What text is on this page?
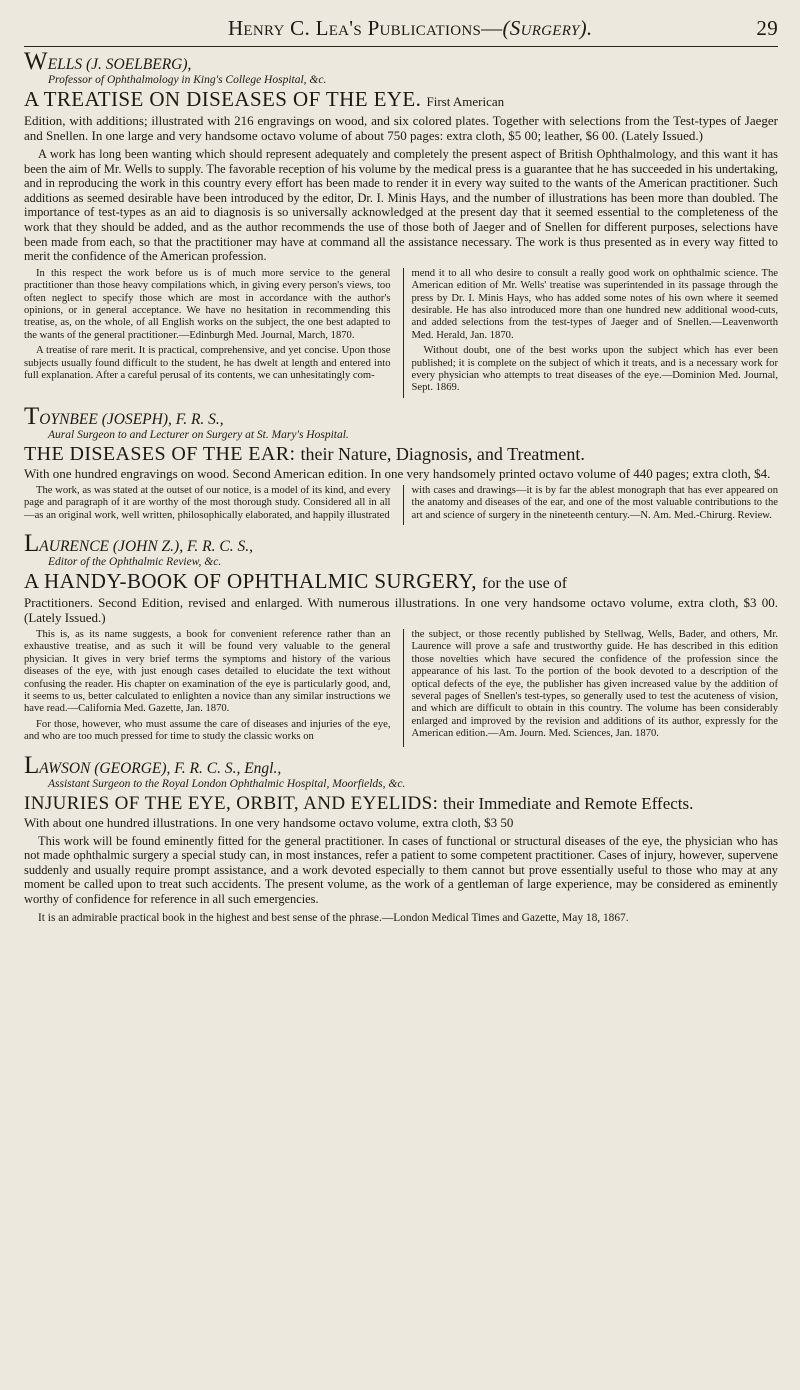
Henry C. Lea's Publications—(Surgery).	29
WELLS (J. SOELBERG),
Professor of Ophthalmology in King's College Hospital, &c.
A TREATISE ON DISEASES OF THE EYE. First American
Edition, with additions; illustrated with 216 engravings on wood, and six colored plates. Together with selections from the Test-types of Jaeger and Snellen. In one large and very handsome octavo volume of about 750 pages: extra cloth, $5 00; leather, $6 00. (Lately Issued.)
A work has long been wanting which should represent adequately and completely the present aspect of British Ophthalmology, and this want it has been the aim of Mr. Wells to supply. The favorable reception of his volume by the medical press is a guarantee that he has succeeded in his undertaking, and in reproducing the work in this country every effort has been made to render it in every way suited to the wants of the American practitioner. Such additions as seemed desirable have been introduced by the editor, Dr. I. Minis Hays, and the number of illustrations has been more than doubled. The importance of test-types as an aid to diagnosis is so universally acknowledged at the present day that it seemed essential to the completeness of the work that they should be added, and as the author recommends the use of those both of Jaeger and of Snellen for different purposes, selections have been made from each, so that the practitioner may have at command all the assistance necessary. The work is thus presented as in every way fitted to merit the confidence of the American profession.

In this respect the work before us is of much more service to the general practitioner than those heavy compilations which, in giving every person's views, too often neglect to specify those which are most in accordance with the author's opinions, or in general acceptance. We have no hesitation in recommending this treatise, as, on the whole, of all English works on the subject, the one best adapted to the wants of the general practitioner.—Edinburgh Med. Journal, March, 1870.

A treatise of rare merit. It is practical, comprehensive, and yet concise. Upon those subjects usually found difficult to the student, he has dwelt at length and entered into full explanation. After a careful perusal of its contents, we can unhesitatingly com-

mend it to all who desire to consult a really good work on ophthalmic science. The American edition of Mr. Wells' treatise was superintended in its passage through the press by Dr. I. Minis Hays, who has added some notes of his own where it seemed desirable. He has also introduced more than one hundred new additional wood-cuts, and added selections from the test-types of Jaeger and of Snellen.—Leavenworth Med. Herald, Jan. 1870.

Without doubt, one of the best works upon the subject which has ever been published; it is complete on the subject of which it treats, and is a necessary work for every physician who attempts to treat diseases of the eye.—Dominion Med. Journal, Sept. 1869.

TOYNBEE (JOSEPH), F. R. S.,
Aural Surgeon to and Lecturer on Surgery at St. Mary's Hospital.
THE DISEASES OF THE EAR: their Nature, Diagnosis, and Treatment.
With one hundred engravings on wood. Second American edition. In one very handsomely printed octavo volume of 440 pages; extra cloth, $4.

The work, as was stated at the outset of our notice, is a model of its kind, and every page and paragraph of it are worthy of the most thorough study. Considered all in all—as an original work, well written, philosophically elaborated, and happily illustrated

with cases and drawings—it is by far the ablest monograph that has ever appeared on the anatomy and diseases of the ear, and one of the most valuable contributions to the art and science of surgery in the nineteenth century.—N. Am. Med.-Chirurg. Review.

LAURENCE (JOHN Z.), F. R. C. S.,
Editor of the Ophthalmic Review, &c.
A HANDY-BOOK OF OPHTHALMIC SURGERY, for the use of
Practitioners. Second Edition, revised and enlarged. With numerous illustrations. In one very handsome octavo volume, extra cloth, $3 00. (Lately Issued.)

This is, as its name suggests, a book for convenient reference rather than an exhaustive treatise, and as such it will be found very valuable to the general physician. It gives in very brief terms the symptoms and history of the various diseases of the eye, with just enough cases detailed to elucidate the text without confusing the reader. His chapter on examination of the eye is particularly good, and, it seems to us, better calculated to enlighten a novice than any similar instructions we have read.—California Med. Gazette, Jan. 1870.

For those, however, who must assume the care of diseases and injuries of the eye, and who are too much pressed for time to study the classic works on

the subject, or those recently published by Stellwag, Wells, Bader, and others, Mr. Laurence will prove a safe and trustworthy guide. He has described in this edition those novelties which have secured the confidence of the profession since the appearance of his last. To the portion of the book devoted to a description of the optical defects of the eye, the publisher has given increased value by the addition of several pages of Snellen's test-types, so generally used to test the acuteness of vision, and which are difficult to obtain in this country. The volume has been considerably enlarged and improved by the revision and additions of its author, expressly for the American edition.—Am. Journ. Med. Sciences, Jan. 1870.

LAWSON (GEORGE), F. R. C. S., Engl.,
Assistant Surgeon to the Royal London Ophthalmic Hospital, Moorfields, &c.
INJURIES OF THE EYE, ORBIT, AND EYELIDS: their Immediate and Remote Effects.
With about one hundred illustrations. In one very handsome octavo volume, extra cloth, $3 50
This work will be found eminently fitted for the general practitioner. In cases of functional or structural diseases of the eye, the physician who has not made ophthalmic surgery a special study can, in most instances, refer a patient to some competent practitioner. Cases of injury, however, supervene suddenly and usually require prompt assistance, and a work devoted especially to them cannot but prove essentially useful to those who may at any moment be called upon to treat such accidents. The present volume, as the work of a gentleman of large experience, may be considered as eminently worthy of confidence for reference in all such emergencies.
It is an admirable practical book in the highest and best sense of the phrase.—London Medical Times and Gazette, May 18, 1867.
